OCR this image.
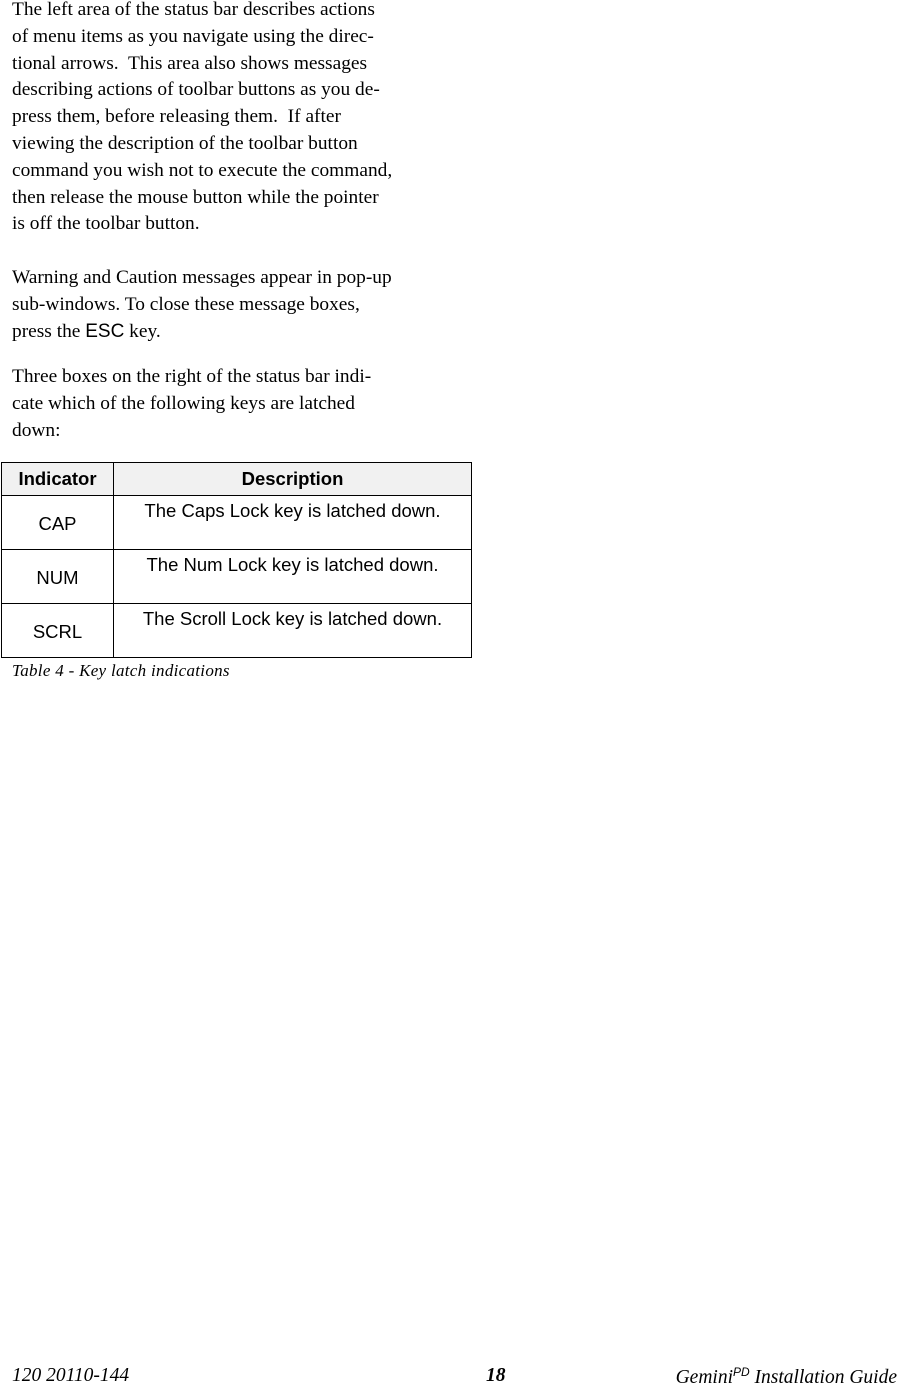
The left area of the status bar describes actions
of menu items as you navigate using the direc-
tional arrows.  This area also shows messages
describing actions of toolbar buttons as you de-
press them, before releasing them.  If after
viewing the description of the toolbar button
command you wish not to execute the command,
then release the mouse button while the pointer
is off the toolbar button.
Warning and Caution messages appear in pop-up
sub-windows. To close these message boxes,
press the ESC key.
Three boxes on the right of the status bar indi-
cate which of the following keys are latched
down:
Indicator	Description
CAP	The Caps Lock key is latched down.
NUM	The Num Lock key is latched down.
SCRL	The Scroll Lock key is latched down.
Table 4 - Key latch indications
120 20110-144	18	Gemini$^{PD}$ Installation Guide
